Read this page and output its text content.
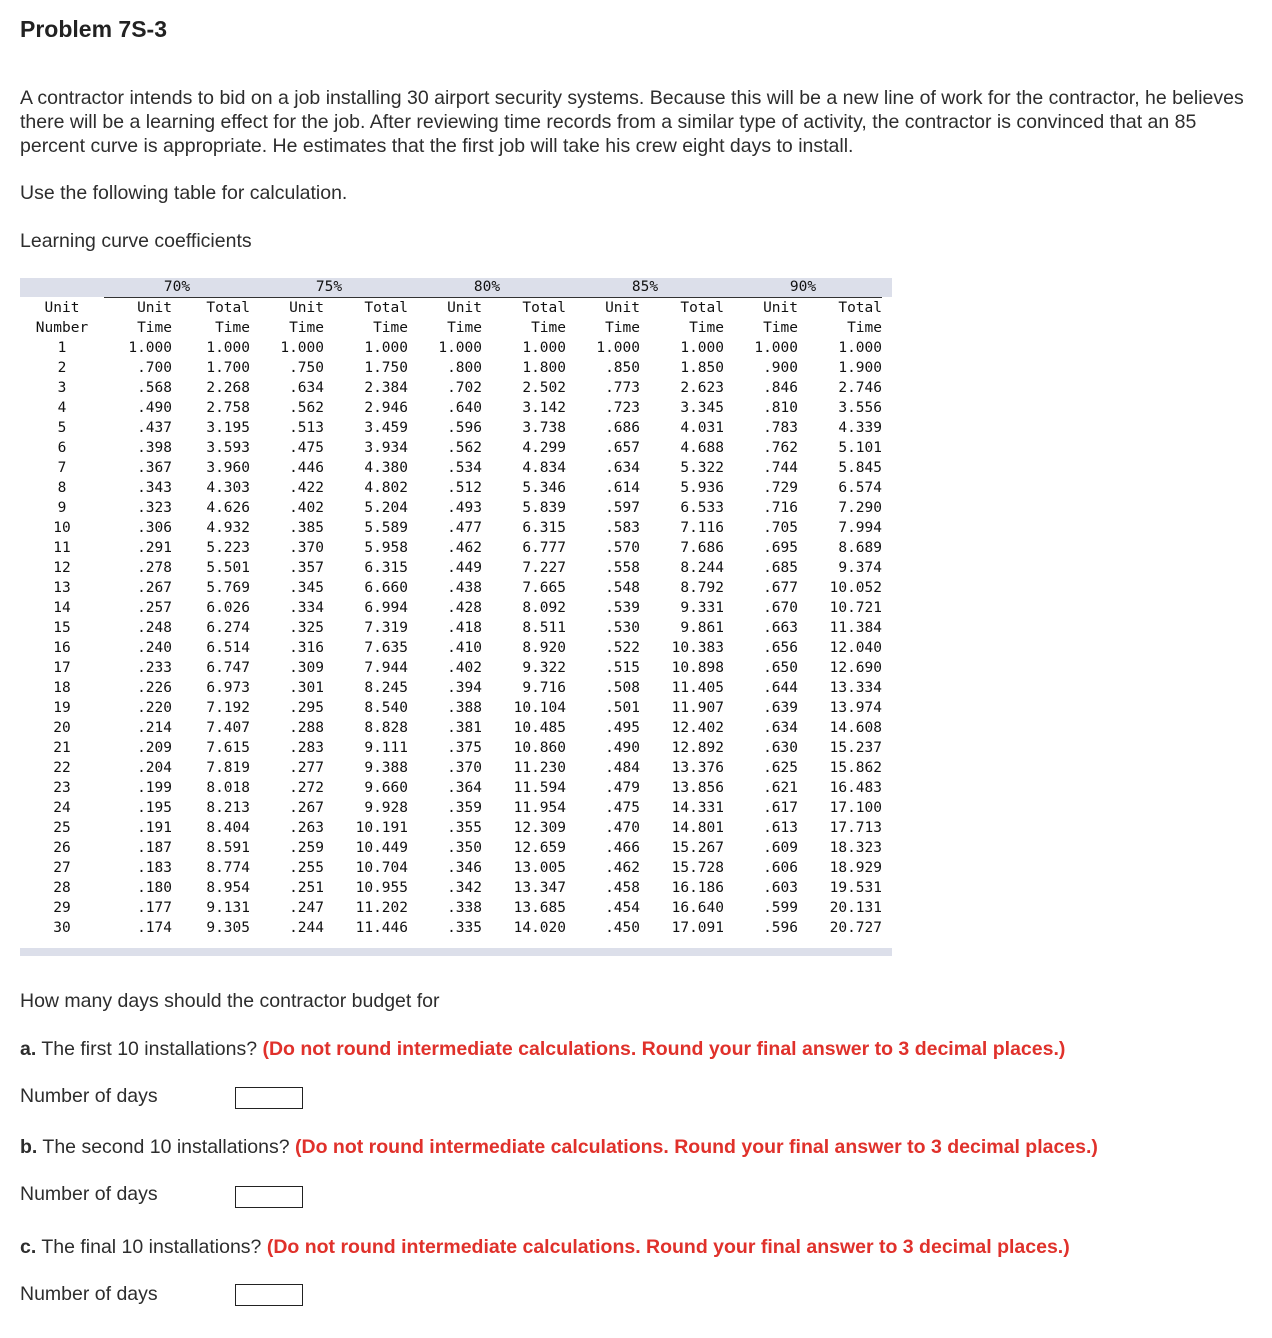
Problem 7S-3
A contractor intends to bid on a job installing 30 airport security systems. Because this will be a new line of work for the contractor, he believes there will be a learning effect for the job. After reviewing time records from a similar type of activity, the contractor is convinced that an 85 percent curve is appropriate. He estimates that the first job will take his crew eight days to install.
Use the following table for calculation.
Learning curve coefficients
	70%		75%		80%		85%		90%	
Unit	Unit	Total	Unit	Total	Unit	Total	Unit	Total	Unit	Total
Number	Time	Time	Time	Time	Time	Time	Time	Time	Time	Time
1	1.000	1.000	1.000	1.000	1.000	1.000	1.000	1.000	1.000	1.000
2	.700	1.700	.750	1.750	.800	1.800	.850	1.850	.900	1.900
3	.568	2.268	.634	2.384	.702	2.502	.773	2.623	.846	2.746
4	.490	2.758	.562	2.946	.640	3.142	.723	3.345	.810	3.556
5	.437	3.195	.513	3.459	.596	3.738	.686	4.031	.783	4.339
6	.398	3.593	.475	3.934	.562	4.299	.657	4.688	.762	5.101
7	.367	3.960	.446	4.380	.534	4.834	.634	5.322	.744	5.845
8	.343	4.303	.422	4.802	.512	5.346	.614	5.936	.729	6.574
9	.323	4.626	.402	5.204	.493	5.839	.597	6.533	.716	7.290
10	.306	4.932	.385	5.589	.477	6.315	.583	7.116	.705	7.994
11	.291	5.223	.370	5.958	.462	6.777	.570	7.686	.695	8.689
12	.278	5.501	.357	6.315	.449	7.227	.558	8.244	.685	9.374
13	.267	5.769	.345	6.660	.438	7.665	.548	8.792	.677	10.052
14	.257	6.026	.334	6.994	.428	8.092	.539	9.331	.670	10.721
15	.248	6.274	.325	7.319	.418	8.511	.530	9.861	.663	11.384
16	.240	6.514	.316	7.635	.410	8.920	.522	10.383	.656	12.040
17	.233	6.747	.309	7.944	.402	9.322	.515	10.898	.650	12.690
18	.226	6.973	.301	8.245	.394	9.716	.508	11.405	.644	13.334
19	.220	7.192	.295	8.540	.388	10.104	.501	11.907	.639	13.974
20	.214	7.407	.288	8.828	.381	10.485	.495	12.402	.634	14.608
21	.209	7.615	.283	9.111	.375	10.860	.490	12.892	.630	15.237
22	.204	7.819	.277	9.388	.370	11.230	.484	13.376	.625	15.862
23	.199	8.018	.272	9.660	.364	11.594	.479	13.856	.621	16.483
24	.195	8.213	.267	9.928	.359	11.954	.475	14.331	.617	17.100
25	.191	8.404	.263	10.191	.355	12.309	.470	14.801	.613	17.713
26	.187	8.591	.259	10.449	.350	12.659	.466	15.267	.609	18.323
27	.183	8.774	.255	10.704	.346	13.005	.462	15.728	.606	18.929
28	.180	8.954	.251	10.955	.342	13.347	.458	16.186	.603	19.531
29	.177	9.131	.247	11.202	.338	13.685	.454	16.640	.599	20.131
30	.174	9.305	.244	11.446	.335	14.020	.450	17.091	.596	20.727
How many days should the contractor budget for
a. The first 10 installations? (Do not round intermediate calculations. Round your final answer to 3 decimal places.)
Number of days
b. The second 10 installations? (Do not round intermediate calculations. Round your final answer to 3 decimal places.)
Number of days
c. The final 10 installations? (Do not round intermediate calculations. Round your final answer to 3 decimal places.)
Number of days
